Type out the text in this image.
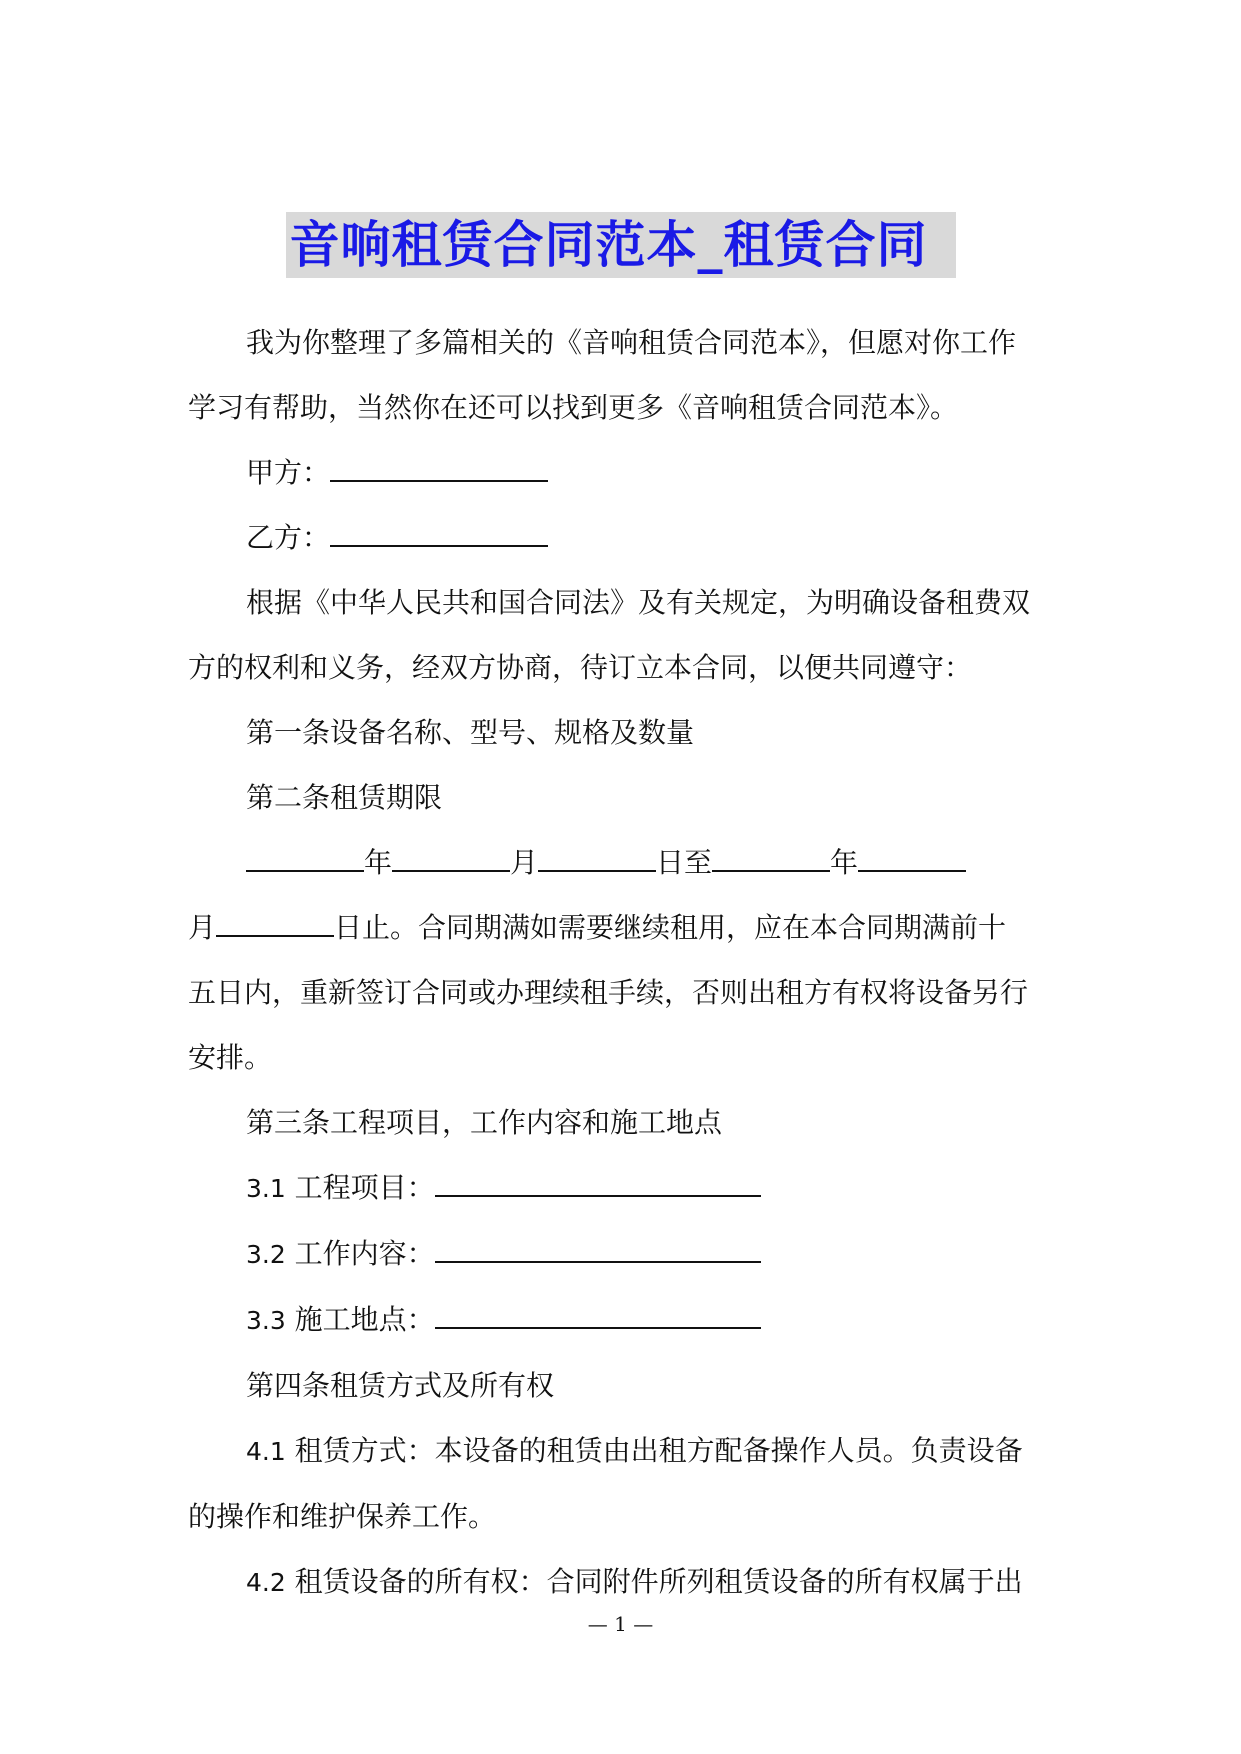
音响租赁合同范本_租赁合同
我为你整理了多篇相关的《音响租赁合同范本》，但愿对你工作
学习有帮助，当然你在还可以找到更多《音响租赁合同范本》。
甲方：
乙方：
根据《中华人民共和国合同法》及有关规定，为明确设备租费双
方的权利和义务，经双方协商，待订立本合同，以便共同遵守：
第一条设备名称、型号、规格及数量
第二条租赁期限
年	月	日至	年
月	日止。合同期满如需要继续租用，应在本合同期满前十
五日内，重新签订合同或办理续租手续，否则出租方有权将设备另行
安排。
第三条工程项目，工作内容和施工地点
3.1 工程项目：
3.2 工作内容：
3.3 施工地点：
第四条租赁方式及所有权
4.1 租赁方式：本设备的租赁由出租方配备操作人员。负责设备
的操作和维护保养工作。
4.2 租赁设备的所有权：合同附件所列租赁设备的所有权属于出
— 1 —
